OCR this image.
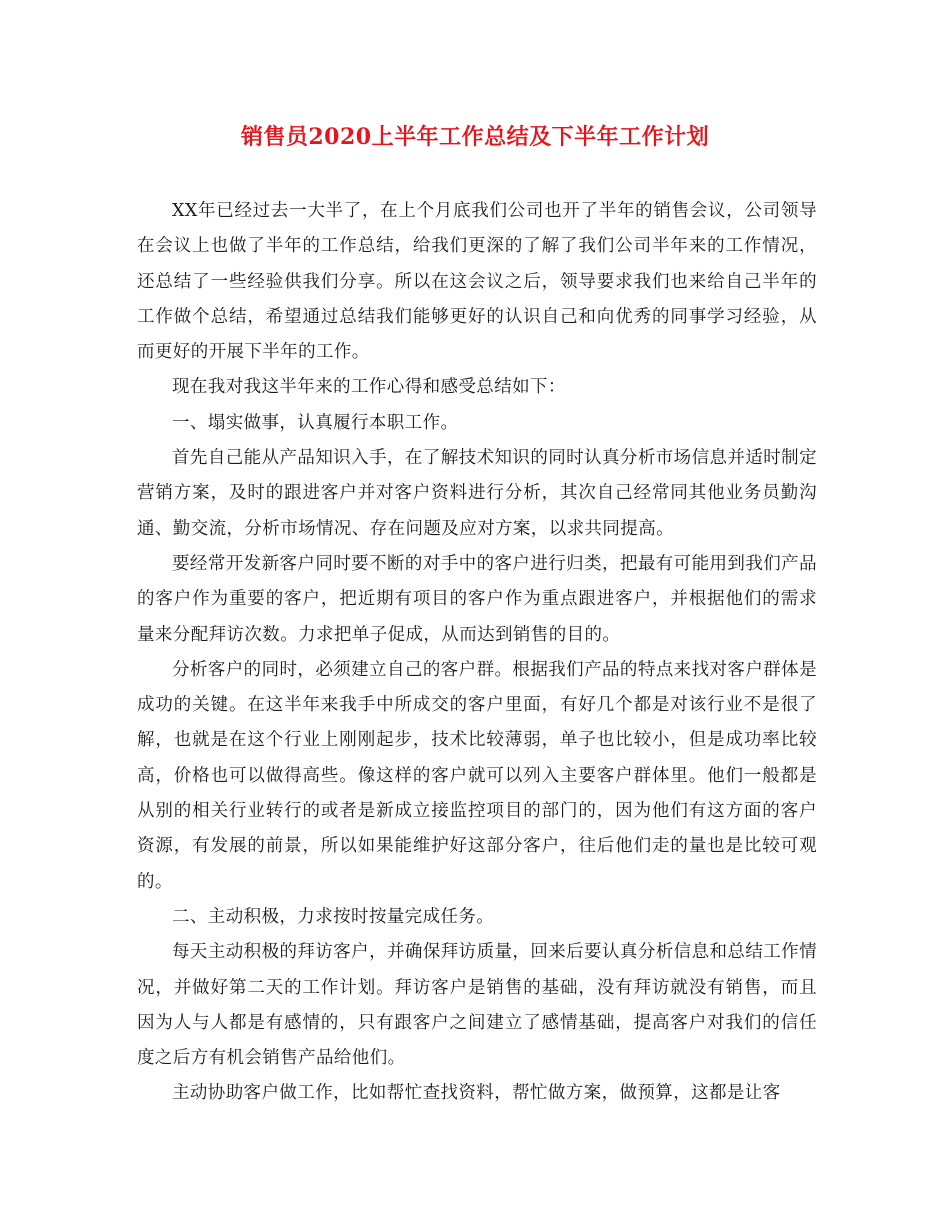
销售员2020上半年工作总结及下半年工作计划

XX年已经过去一大半了，在上个月底我们公司也开了半年的销售会议，公司领导在会议上也做了半年的工作总结，给我们更深的了解了我们公司半年来的工作情况，还总结了一些经验供我们分享。所以在这会议之后，领导要求我们也来给自己半年的工作做个总结，希望通过总结我们能够更好的认识自己和向优秀的同事学习经验，从而更好的开展下半年的工作。

现在我对我这半年来的工作心得和感受总结如下：

一、塌实做事，认真履行本职工作。

首先自己能从产品知识入手，在了解技术知识的同时认真分析市场信息并适时制定营销方案，及时的跟进客户并对客户资料进行分析，其次自己经常同其他业务员勤沟通、勤交流，分析市场情况、存在问题及应对方案，以求共同提高。

要经常开发新客户同时要不断的对手中的客户进行归类，把最有可能用到我们产品的客户作为重要的客户，把近期有项目的客户作为重点跟进客户，并根据他们的需求量来分配拜访次数。力求把单子促成，从而达到销售的目的。

分析客户的同时，必须建立自己的客户群。根据我们产品的特点来找对客户群体是成功的关键。在这半年来我手中所成交的客户里面，有好几个都是对该行业不是很了解，也就是在这个行业上刚刚起步，技术比较薄弱，单子也比较小，但是成功率比较高，价格也可以做得高些。像这样的客户就可以列入主要客户群体里。他们一般都是从别的相关行业转行的或者是新成立接监控项目的部门的，因为他们有这方面的客户资源，有发展的前景，所以如果能维护好这部分客户，往后他们走的量也是比较可观的。

二、主动积极，力求按时按量完成任务。

每天主动积极的拜访客户，并确保拜访质量，回来后要认真分析信息和总结工作情况，并做好第二天的工作计划。拜访客户是销售的基础，没有拜访就没有销售，而且因为人与人都是有感情的，只有跟客户之间建立了感情基础，提高客户对我们的信任度之后方有机会销售产品给他们。

主动协助客户做工作，比如帮忙查找资料，帮忙做方案，做预算，这都是让客
